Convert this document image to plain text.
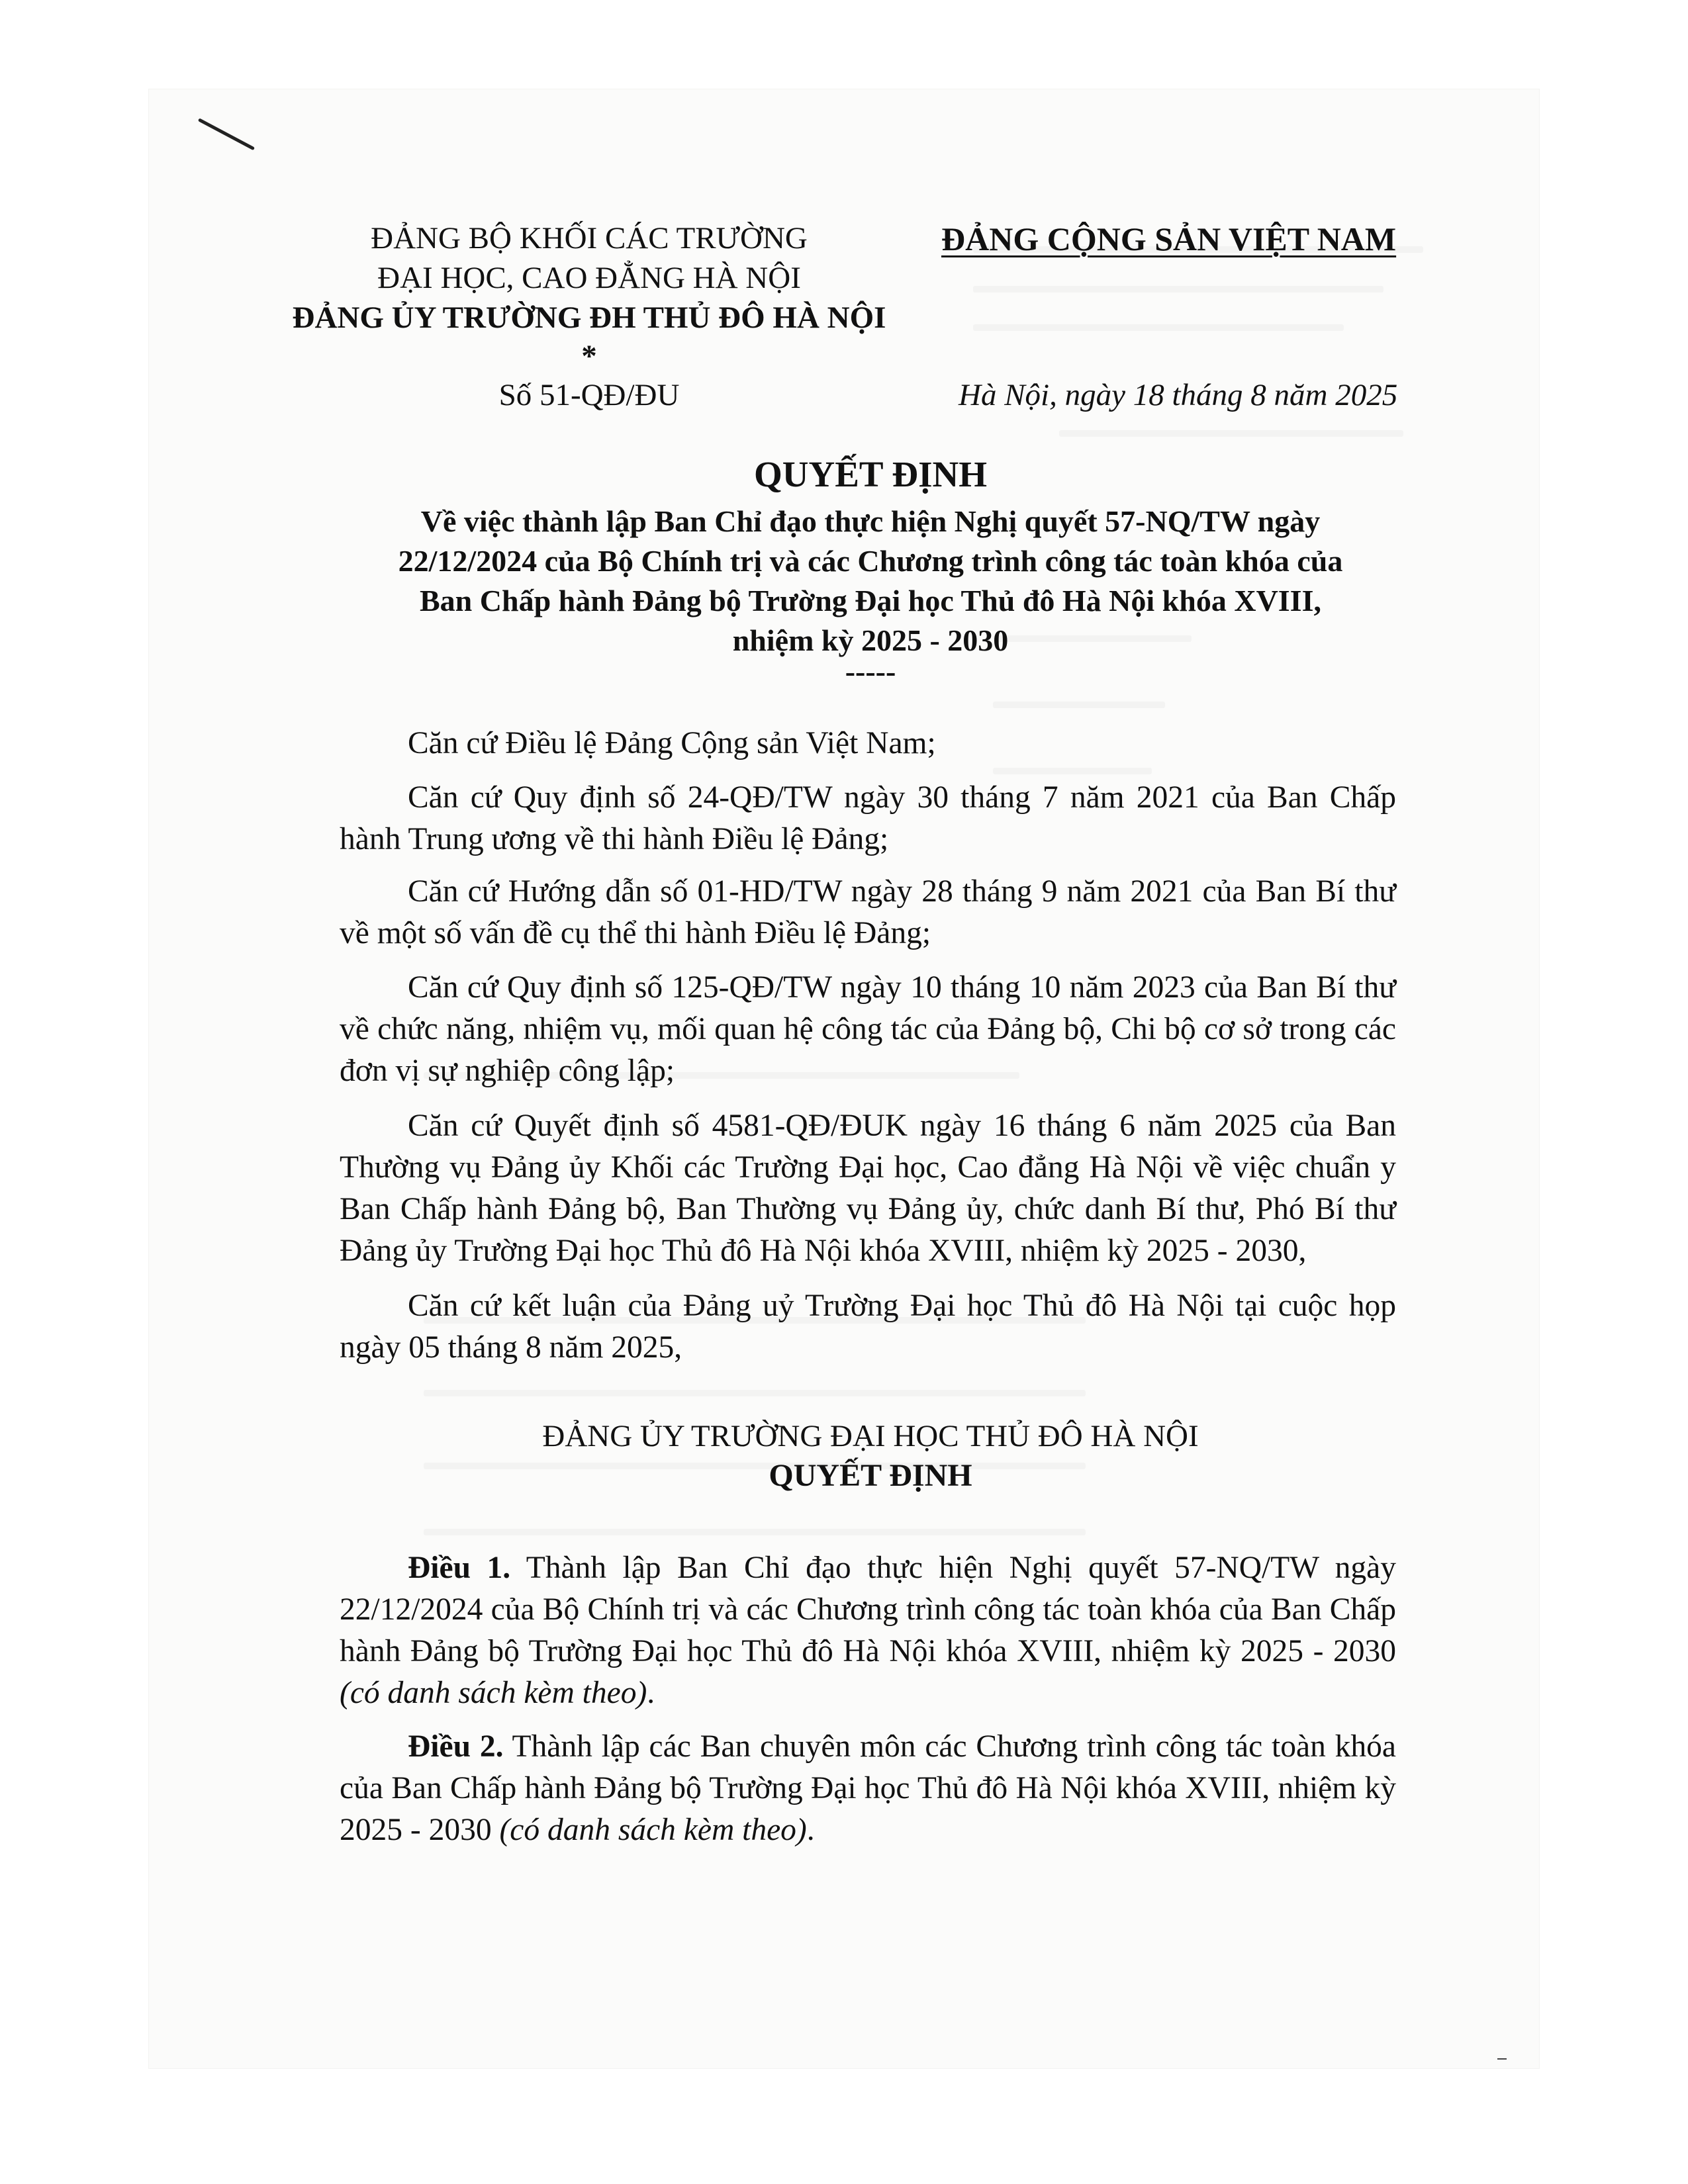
ĐẢNG BỘ KHỐI CÁC TRƯỜNG
ĐẠI HỌC, CAO ĐẲNG HÀ NỘI
ĐẢNG ỦY TRƯỜNG ĐH THỦ ĐÔ HÀ NỘI
*
Số 51-QĐ/ĐU
ĐẢNG CỘNG SẢN VIỆT NAM
Hà Nội, ngày 18 tháng 8 năm 2025
QUYẾT ĐỊNH
Về việc thành lập Ban Chỉ đạo thực hiện Nghị quyết 57-NQ/TW ngày
22/12/2024 của Bộ Chính trị và các Chương trình công tác toàn khóa của
Ban Chấp hành Đảng bộ Trường Đại học Thủ đô Hà Nội khóa XVIII,
nhiệm kỳ 2025 - 2030
-----
Căn cứ Điều lệ Đảng Cộng sản Việt Nam;
Căn cứ Quy định số 24-QĐ/TW ngày 30 tháng 7 năm 2021 của Ban Chấp hành Trung ương về thi hành Điều lệ Đảng;
Căn cứ Hướng dẫn số 01-HD/TW ngày 28 tháng 9 năm 2021 của Ban Bí thư về một số vấn đề cụ thể thi hành Điều lệ Đảng;
Căn cứ Quy định số 125-QĐ/TW ngày 10 tháng 10 năm 2023 của Ban Bí thư về chức năng, nhiệm vụ, mối quan hệ công tác của Đảng bộ, Chi bộ cơ sở trong các đơn vị sự nghiệp công lập;
Căn cứ Quyết định số 4581-QĐ/ĐUK ngày 16 tháng 6 năm 2025 của Ban Thường vụ Đảng ủy Khối các Trường Đại học, Cao đẳng Hà Nội về việc chuẩn y Ban Chấp hành Đảng bộ, Ban Thường vụ Đảng ủy, chức danh Bí thư, Phó Bí thư Đảng ủy Trường Đại học Thủ đô Hà Nội khóa XVIII, nhiệm kỳ 2025 - 2030,
Căn cứ kết luận của Đảng uỷ Trường Đại học Thủ đô Hà Nội tại cuộc họp ngày 05 tháng 8 năm 2025,
ĐẢNG ỦY TRƯỜNG ĐẠI HỌC THỦ ĐÔ HÀ NỘI
QUYẾT ĐỊNH
Điều 1. Thành lập Ban Chỉ đạo thực hiện Nghị quyết 57-NQ/TW ngày 22/12/2024 của Bộ Chính trị và các Chương trình công tác toàn khóa của Ban Chấp hành Đảng bộ Trường Đại học Thủ đô Hà Nội khóa XVIII, nhiệm kỳ 2025 - 2030 (có danh sách kèm theo).
Điều 2. Thành lập các Ban chuyên môn các Chương trình công tác toàn khóa của Ban Chấp hành Đảng bộ Trường Đại học Thủ đô Hà Nội khóa XVIII, nhiệm kỳ 2025 - 2030 (có danh sách kèm theo).
